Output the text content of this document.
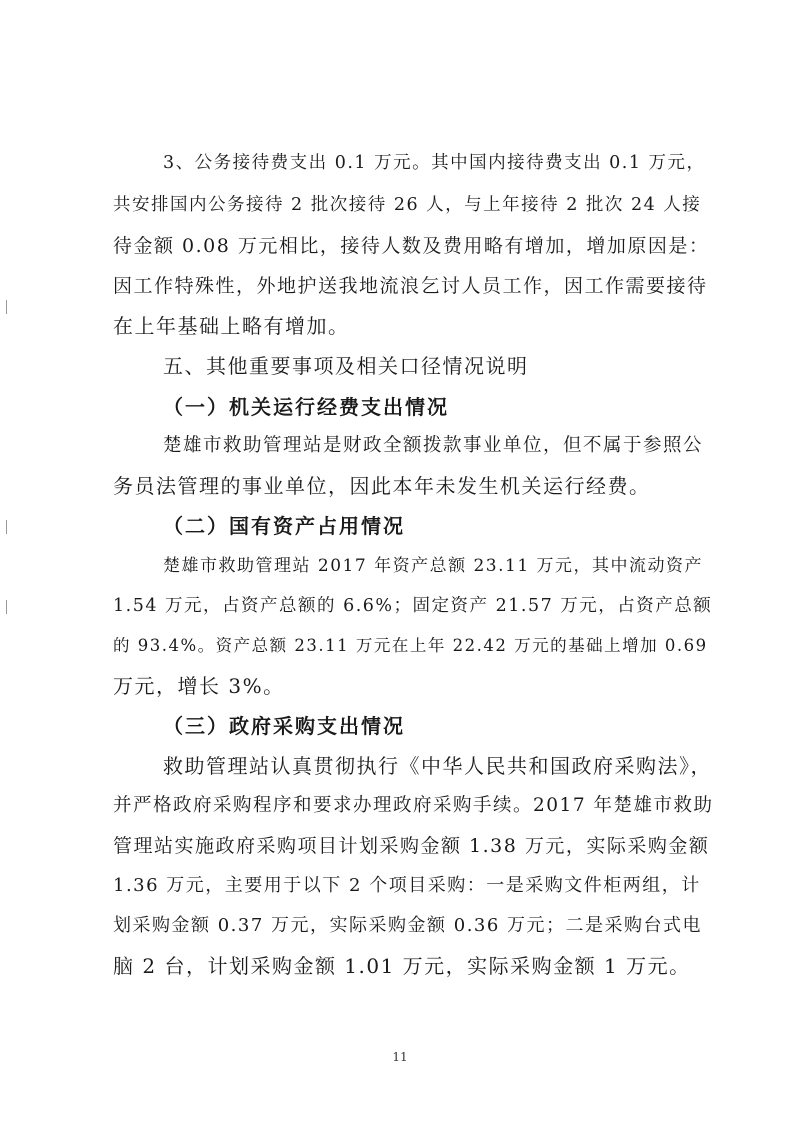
3、公务接待费支出 0.1 万元。其中国内接待费支出 0.1 万元，
共安排国内公务接待 2 批次接待 26 人，与上年接待 2 批次 24 人接
待金额 0.08 万元相比，接待人数及费用略有增加，增加原因是：
因工作特殊性，外地护送我地流浪乞讨人员工作，因工作需要接待
在上年基础上略有增加。
五、其他重要事项及相关口径情况说明
（一）机关运行经费支出情况
楚雄市救助管理站是财政全额拨款事业单位，但不属于参照公
务员法管理的事业单位，因此本年未发生机关运行经费。
（二）国有资产占用情况
楚雄市救助管理站 2017 年资产总额 23.11 万元，其中流动资产
1.54 万元，占资产总额的 6.6%；固定资产 21.57 万元，占资产总额
的 93.4%。资产总额 23.11 万元在上年 22.42 万元的基础上增加 0.69
万元，增长 3%。
（三）政府采购支出情况
救助管理站认真贯彻执行《中华人民共和国政府采购法》，
并严格政府采购程序和要求办理政府采购手续。2017 年楚雄市救助
管理站实施政府采购项目计划采购金额 1.38 万元，实际采购金额
1.36 万元，主要用于以下 2 个项目采购：一是采购文件柜两组，计
划采购金额 0.37 万元，实际采购金额 0.36 万元；二是采购台式电
脑 2 台，计划采购金额 1.01 万元，实际采购金额 1 万元。
11
